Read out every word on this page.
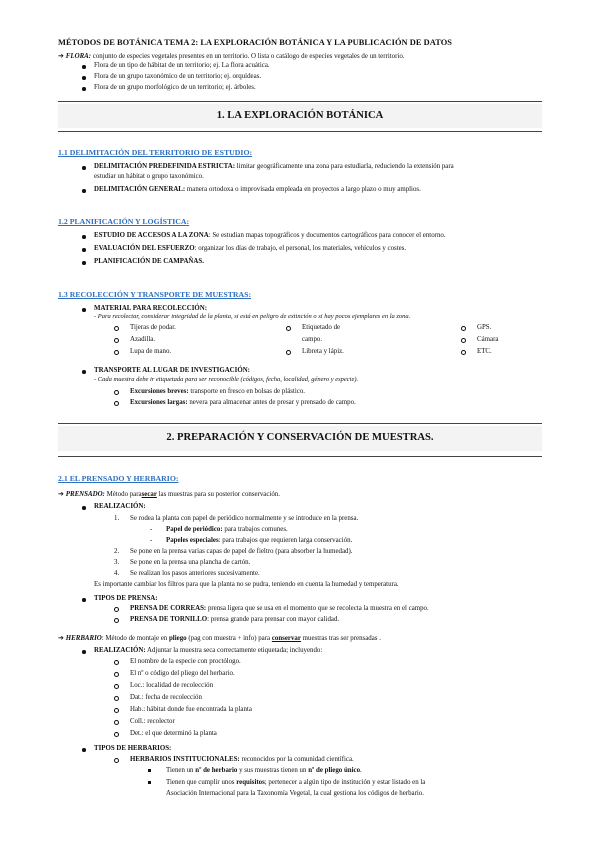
MÉTODOS DE BOTÁNICA TEMA 2: LA EXPLORACIÓN BOTÁNICA Y LA PUBLICACIÓN DE DATOS
➔ FLORA: conjunto de especies vegetales presentes en un territorio. O lista o catálogo de especies vegetales de un territorio.
Flora de un tipo de hábitat de un territorio; ej. La flora acuática.
Flora de un grupo taxonómico de un territorio; ej. orquídeas.
Flora de un grupo morfológico de un territorio; ej. árboles.
1. LA EXPLORACIÓN BOTÁNICA
1.1 DELIMITACIÓN DEL TERRITORIO DE ESTUDIO:
DELIMITACIÓN PREDEFINIDA ESTRICTA: limitar geográficamente una zona para estudiarla, reduciendo la extensión para
estudiar un hábitat o grupo taxonómico.
DELIMITACIÓN GENERAL: manera ortodoxa o improvisada empleada en proyectos a largo plazo o muy amplios.
1.2 PLANIFICACIÓN Y LOGÍSTICA:
ESTUDIO DE ACCESOS A LA ZONA: Se estudian mapas topográficos y documentos cartográficos para conocer el entorno.
EVALUACIÓN DEL ESFUERZO: organizar los días de trabajo, el personal, los materiales, vehículos y costes.
PLANIFICACIÓN DE CAMPAÑAS.
1.3 RECOLECCIÓN Y TRANSPORTE DE MUESTRAS:
MATERIAL PARA RECOLECCIÓN:
- Para recolectar, considerar integridad de la planta, si está en peligro de extinción o si hay pocos ejemplares en la zona.
Tijeras de podar.
Azadilla.
Lupa de mano.
Etiquetado de
campo.
Libreta y lápiz.
GPS.
Cámara
ETC.
TRANSPORTE AL LUGAR DE INVESTIGACIÓN:
- Cada muestra debe ir etiquetada para ser reconocible (códigos, fecha, localidad, género y especie).
Excursiones breves: transporte en fresco en bolsas de plástico.
Excursiones largas: nevera para almacenar antes de presar y prensado de campo.
2. PREPARACIÓN Y CONSERVACIÓN DE MUESTRAS.
2.1 EL PRENSADO Y HERBARIO:
➔ PRENSADO: Método parasecar las muestras para su posterior conservación.
REALIZACIÓN:
1. Se rodea la planta con papel de periódico normalmente y se introduce en la prensa.
- Papel de periódico: para trabajos comunes.
- Papeles especiales: para trabajos que requieren larga conservación.
2. Se pone en la prensa varias capas de papel de fieltro (para absorber la humedad).
3. Se pone en la prensa una plancha de cartón.
4. Se realizan los pasos anteriores sucesivamente.
Es importante cambiar los filtros para que la planta no se pudra, teniendo en cuenta la humedad y temperatura.
TIPOS DE PRENSA:
PRENSA DE CORREAS: prensa ligera que se usa en el momento que se recolecta la muestra en el campo.
PRENSA DE TORNILLO: prensa grande para prensar con mayor calidad.
➔ HERBARIO: Método de montaje en pliego (pag con muestra + info) para conservar muestras tras ser prensadas .
REALIZACIÓN: Adjuntar la muestra seca correctamente etiquetada; incluyendo:
El nombre de la especie con proctólogo.
El nº o código del pliego del herbario.
Loc.: localidad de recolección
Dat.: fecha de recolección
Hab.: hábitat donde fue encontrada la planta
Coll.: recolector
Det.: el que determinó la planta
TIPOS DE HERBARIOS:
HERBARIOS INSTITUCIONALES: reconocidos por la comunidad científica.
Tienen un nº de herbario y sus muestras tienen un nº de pliego único.
Tienen que cumplir unos requisitos; pertenecer a algún tipo de institución y estar listado en la
Asociación Internacional para la Taxonomía Vegetal, la cual gestiona los códigos de herbario.
